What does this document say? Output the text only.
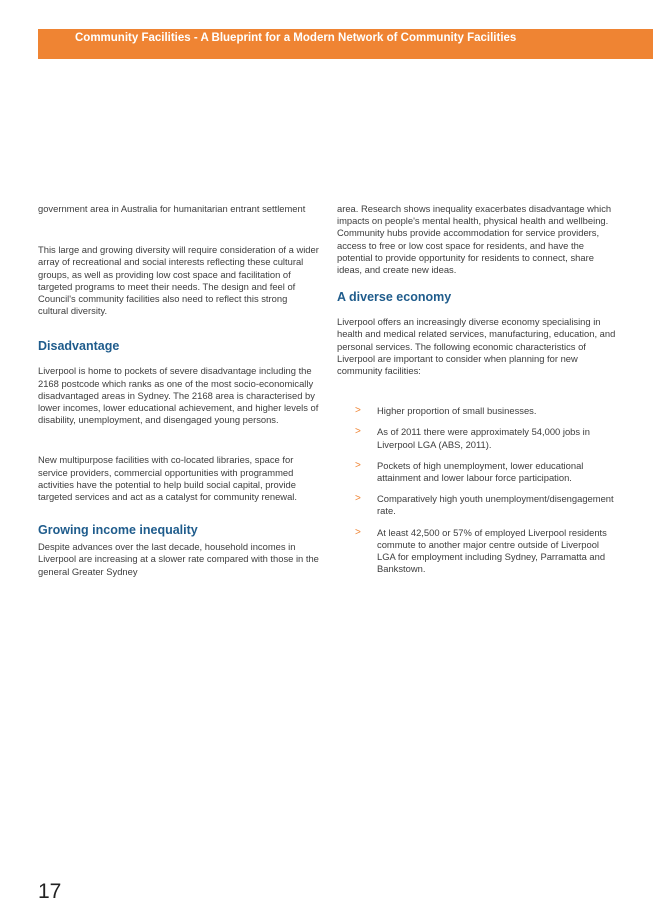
Community Facilities - A Blueprint for a Modern Network of Community Facilities

government area in Australia for humanitarian entrant settlement

This large and growing diversity will require consideration of a wider array of recreational and social interests reflecting these cultural groups, as well as providing low cost space and facilitation of targeted programs to meet their needs. The design and feel of Council's community facilities also need to reflect this strong cultural diversity.

Disadvantage

Liverpool is home to pockets of severe disadvantage including the 2168 postcode which ranks as one of the most socio-economically disadvantaged areas in Sydney. The 2168 area is characterised by lower incomes, lower educational achievement, and higher levels of disability, unemployment, and disengaged young persons.

New multipurpose facilities with co-located libraries, space for service providers, commercial opportunities with programmed activities have the potential to help build social capital, provide targeted services and act as a catalyst for community renewal.

Growing income inequality

Despite advances over the last decade, household incomes in Liverpool are increasing at a slower rate compared with those in the general Greater Sydney

area. Research shows inequality exacerbates disadvantage which impacts on people's mental health, physical health and wellbeing. Community hubs provide accommodation for service providers, access to free or low cost space for residents, and have the potential to provide opportunity for residents to connect, share ideas, and create new ideas.

A diverse economy

Liverpool offers an increasingly diverse economy specialising in health and medical related services, manufacturing, education, and personal services. The following economic characteristics of Liverpool are important to consider when planning for new community facilities:

> Higher proportion of small businesses.
> As of 2011 there were approximately 54,000 jobs in Liverpool LGA (ABS, 2011).
> Pockets of high unemployment, lower educational attainment and lower labour force participation.
> Comparatively high youth unemployment/disengagement rate.
> At least 42,500 or 57% of employed Liverpool residents commute to another major centre outside of Liverpool LGA for employment including Sydney, Parramatta and Bankstown.
17
